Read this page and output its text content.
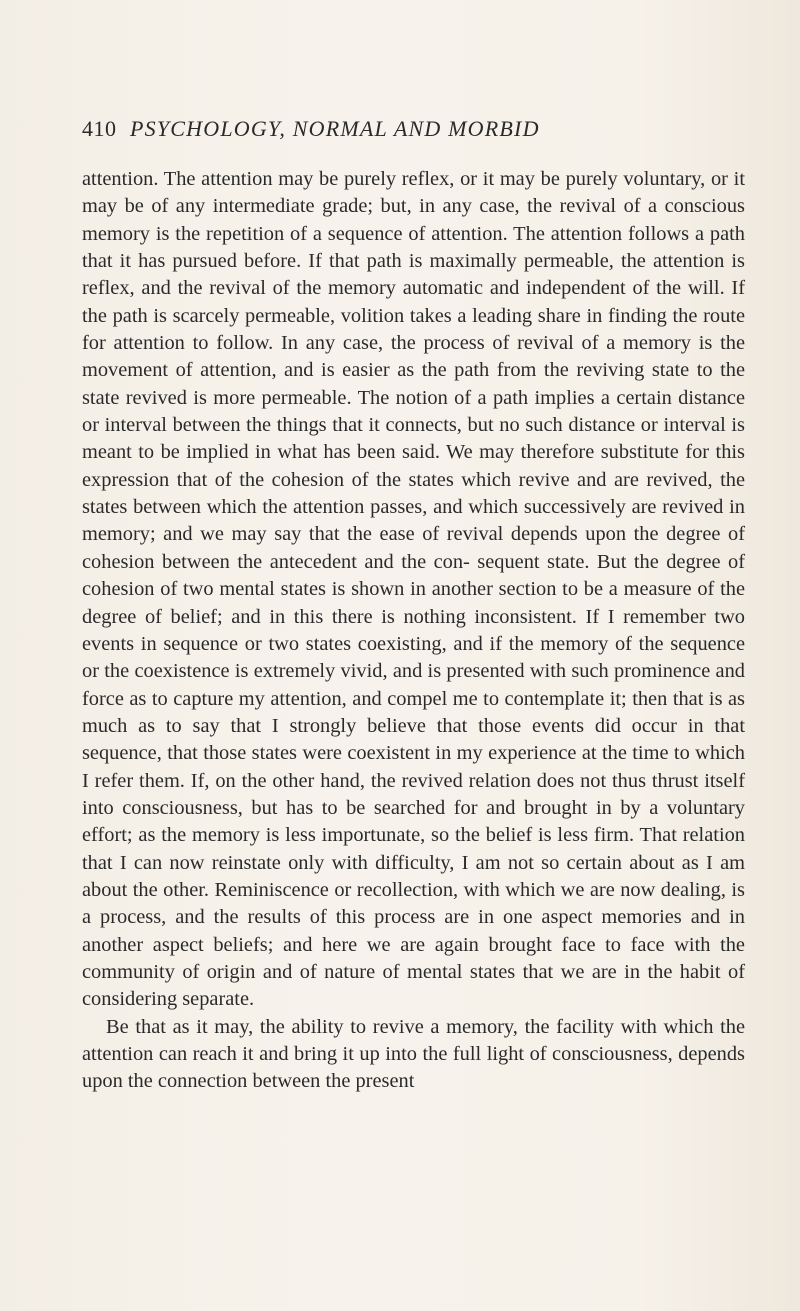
410 PSYCHOLOGY, NORMAL AND MORBID

attention. The attention may be purely reflex, or it may be purely voluntary, or it may be of any intermediate grade; but, in any case, the revival of a conscious memory is the repetition of a sequence of attention. The attention follows a path that it has pursued before. If that path is maximally permeable, the attention is reflex, and the revival of the memory automatic and independent of the will. If the path is scarcely permeable, volition takes a leading share in finding the route for attention to follow. In any case, the process of revival of a memory is the movement of attention, and is easier as the path from the reviving state to the state revived is more permeable. The notion of a path implies a certain distance or interval between the things that it connects, but no such distance or interval is meant to be implied in what has been said. We may therefore substitute for this expression that of the cohesion of the states which revive and are revived, the states between which the attention passes, and which successively are revived in memory; and we may say that the ease of revival depends upon the degree of cohesion between the antecedent and the con- sequent state. But the degree of cohesion of two mental states is shown in another section to be a measure of the degree of belief; and in this there is nothing inconsistent. If I remember two events in sequence or two states coexisting, and if the memory of the sequence or the coexistence is extremely vivid, and is presented with such prominence and force as to capture my attention, and compel me to contemplate it; then that is as much as to say that I strongly believe that those events did occur in that sequence, that those states were coexistent in my experience at the time to which I refer them. If, on the other hand, the revived relation does not thus thrust itself into consciousness, but has to be searched for and brought in by a voluntary effort; as the memory is less importunate, so the belief is less firm. That relation that I can now reinstate only with difficulty, I am not so certain about as I am about the other. Reminiscence or recollection, with which we are now dealing, is a process, and the results of this process are in one aspect memories and in another aspect beliefs; and here we are again brought face to face with the community of origin and of nature of mental states that we are in the habit of considering separate.

Be that as it may, the ability to revive a memory, the facility with which the attention can reach it and bring it up into the full light of consciousness, depends upon the connection between the present
